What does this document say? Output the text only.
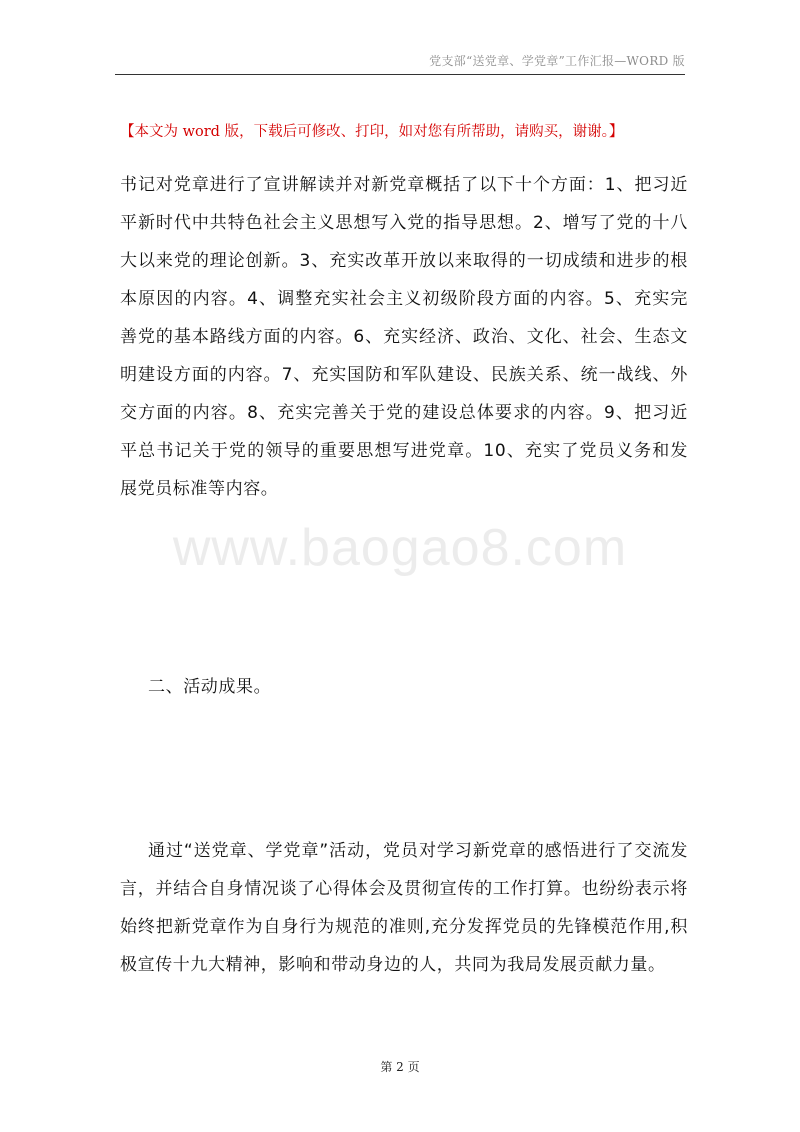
党支部“送党章、学党章”工作汇报—WORD 版
【本文为 word 版，下载后可修改、打印，如对您有所帮助，请购买，谢谢。】

书记对党章进行了宣讲解读并对新党章概括了以下十个方面：1、把习近平新时代中共特色社会主义思想写入党的指导思想。2、增写了党的十八大以来党的理论创新。3、充实改革开放以来取得的一切成绩和进步的根本原因的内容。4、调整充实社会主义初级阶段方面的内容。5、充实完善党的基本路线方面的内容。6、充实经济、政治、文化、社会、生态文明建设方面的内容。7、充实国防和军队建设、民族关系、统一战线、外交方面的内容。8、充实完善关于党的建设总体要求的内容。9、把习近平总书记关于党的领导的重要思想写进党章。10、充实了党员义务和发展党员标准等内容。

www.baogao8.com

二、活动成果。

通过“送党章、学党章”活动，党员对学习新党章的感悟进行了交流发言，并结合自身情况谈了心得体会及贯彻宣传的工作打算。也纷纷表示将始终把新党章作为自身行为规范的准则,充分发挥党员的先锋模范作用,积极宣传十九大精神，影响和带动身边的人，共同为我局发展贡献力量。

第 2 页
